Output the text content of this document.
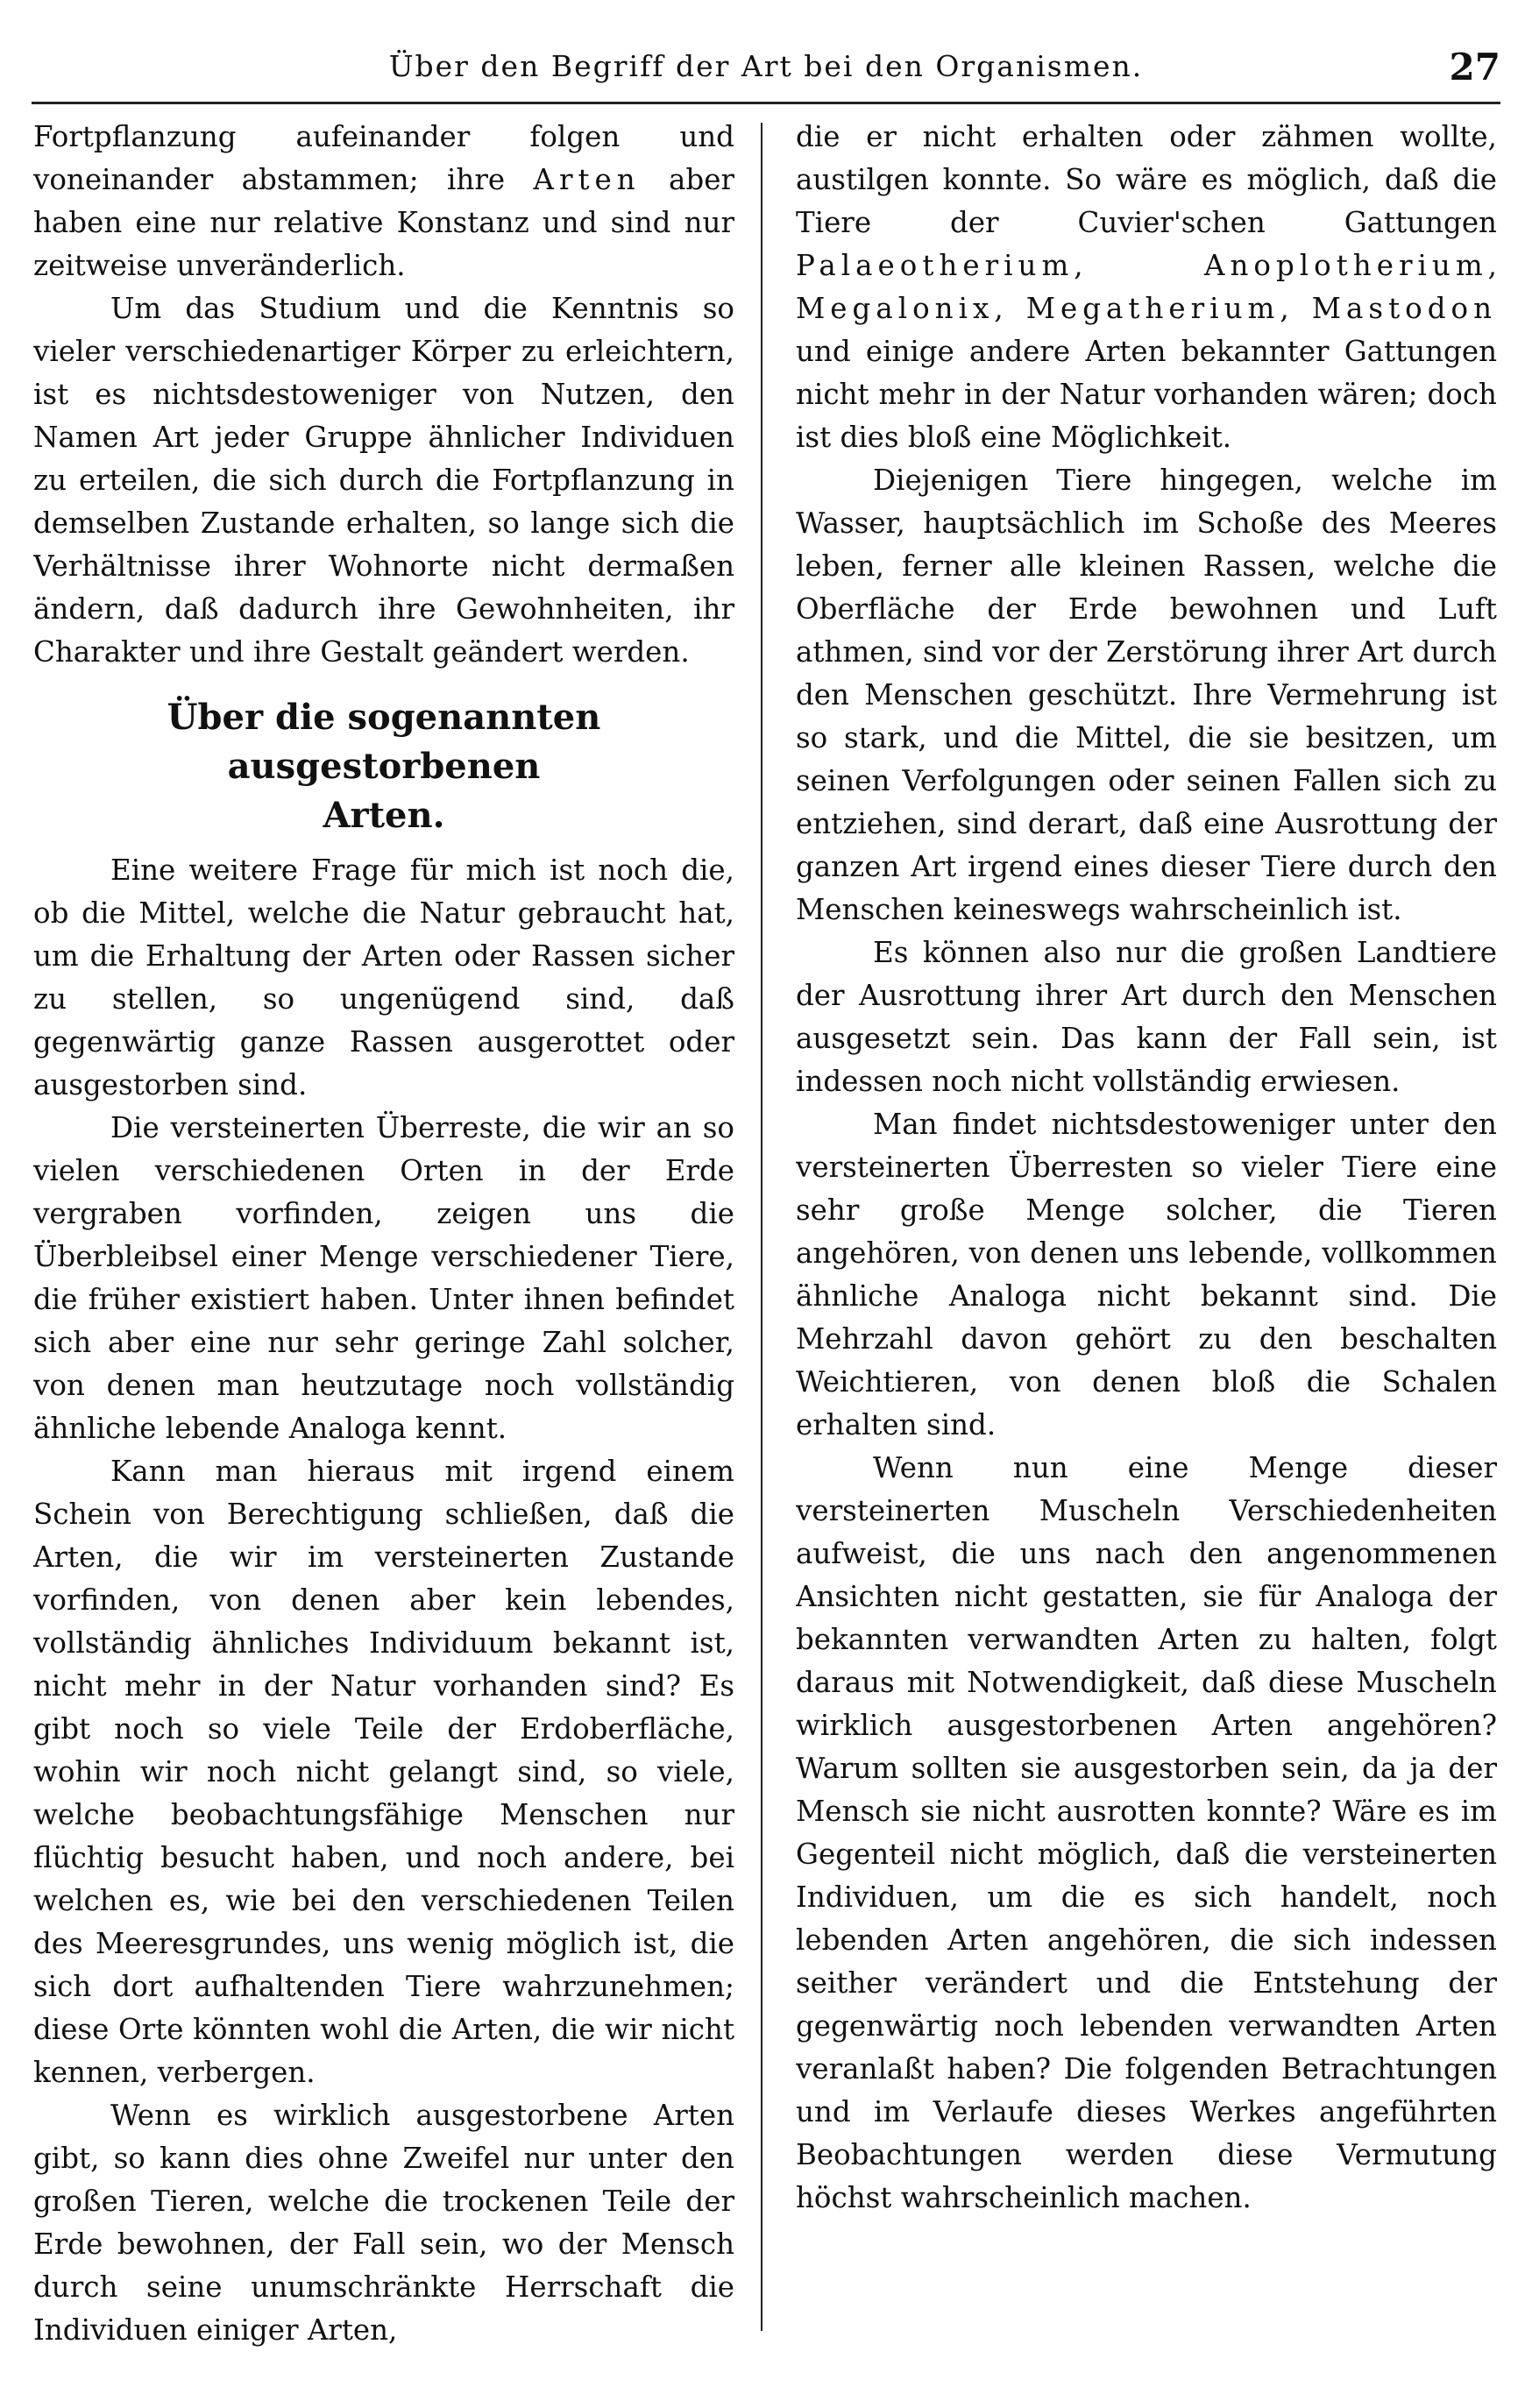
Über den Begriff der Art bei den Organismen.	27

Fortpflanzung aufeinander folgen und voneinander abstammen; ihre Arten aber haben eine nur relative Konstanz und sind nur zeitweise unveränderlich.

Um das Studium und die Kenntnis so vieler verschiedenartiger Körper zu erleichtern, ist es nichtsdestoweniger von Nutzen, den Namen Art jeder Gruppe ähnlicher Individuen zu erteilen, die sich durch die Fortpflanzung in demselben Zustande erhalten, so lange sich die Verhältnisse ihrer Wohnorte nicht dermaßen ändern, daß dadurch ihre Gewohnheiten, ihr Charakter und ihre Gestalt geändert werden.

Über die sogenannten ausgestorbenen
Arten.

Eine weitere Frage für mich ist noch die, ob die Mittel, welche die Natur gebraucht hat, um die Erhaltung der Arten oder Rassen sicher zu stellen, so ungenügend sind, daß gegenwärtig ganze Rassen ausgerottet oder ausgestorben sind.

Die versteinerten Überreste, die wir an so vielen verschiedenen Orten in der Erde vergraben vorfinden, zeigen uns die Überbleibsel einer Menge verschiedener Tiere, die früher existiert haben. Unter ihnen befindet sich aber eine nur sehr geringe Zahl solcher, von denen man heutzutage noch vollständig ähnliche lebende Analoga kennt.

Kann man hieraus mit irgend einem Schein von Berechtigung schließen, daß die Arten, die wir im versteinerten Zustande vorfinden, von denen aber kein lebendes, vollständig ähnliches Individuum bekannt ist, nicht mehr in der Natur vorhanden sind? Es gibt noch so viele Teile der Erdoberfläche, wohin wir noch nicht gelangt sind, so viele, welche beobachtungsfähige Menschen nur flüchtig besucht haben, und noch andere, bei welchen es, wie bei den verschiedenen Teilen des Meeresgrundes, uns wenig möglich ist, die sich dort aufhaltenden Tiere wahrzunehmen; diese Orte könnten wohl die Arten, die wir nicht kennen, verbergen.

Wenn es wirklich ausgestorbene Arten gibt, so kann dies ohne Zweifel nur unter den großen Tieren, welche die trockenen Teile der Erde bewohnen, der Fall sein, wo der Mensch durch seine unumschränkte Herrschaft die Individuen einiger Arten,

die er nicht erhalten oder zähmen wollte, austilgen konnte. So wäre es möglich, daß die Tiere der Cuvier'schen Gattungen Palaeotherium, Anoplotherium, Megalonix, Megatherium, Mastodon und einige andere Arten bekannter Gattungen nicht mehr in der Natur vorhanden wären; doch ist dies bloß eine Möglichkeit.

Diejenigen Tiere hingegen, welche im Wasser, hauptsächlich im Schoße des Meeres leben, ferner alle kleinen Rassen, welche die Oberfläche der Erde bewohnen und Luft athmen, sind vor der Zerstörung ihrer Art durch den Menschen geschützt. Ihre Vermehrung ist so stark, und die Mittel, die sie besitzen, um seinen Verfolgungen oder seinen Fallen sich zu entziehen, sind derart, daß eine Ausrottung der ganzen Art irgend eines dieser Tiere durch den Menschen keineswegs wahrscheinlich ist.

Es können also nur die großen Landtiere der Ausrottung ihrer Art durch den Menschen ausgesetzt sein. Das kann der Fall sein, ist indessen noch nicht vollständig erwiesen.

Man findet nichtsdestoweniger unter den versteinerten Überresten so vieler Tiere eine sehr große Menge solcher, die Tieren angehören, von denen uns lebende, vollkommen ähnliche Analoga nicht bekannt sind. Die Mehrzahl davon gehört zu den beschalten Weichtieren, von denen bloß die Schalen erhalten sind.

Wenn nun eine Menge dieser versteinerten Muscheln Verschiedenheiten aufweist, die uns nach den angenommenen Ansichten nicht gestatten, sie für Analoga der bekannten verwandten Arten zu halten, folgt daraus mit Notwendigkeit, daß diese Muscheln wirklich ausgestorbenen Arten angehören? Warum sollten sie ausgestorben sein, da ja der Mensch sie nicht ausrotten konnte? Wäre es im Gegenteil nicht möglich, daß die versteinerten Individuen, um die es sich handelt, noch lebenden Arten angehören, die sich indessen seither verändert und die Entstehung der gegenwärtig noch lebenden verwandten Arten veranlaßt haben? Die folgenden Betrachtungen und im Verlaufe dieses Werkes angeführten Beobachtungen werden diese Vermutung höchst wahrscheinlich machen.
